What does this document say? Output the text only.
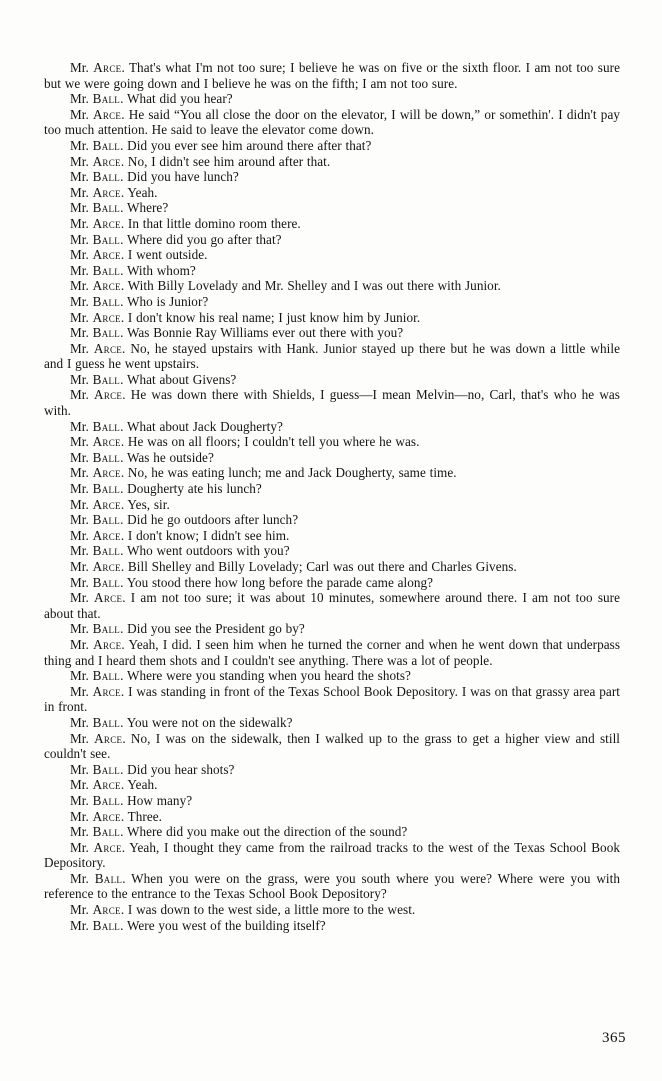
Mr. Arce. That's what I'm not too sure; I believe he was on five or the sixth floor. I am not too sure but we were going down and I believe he was on the fifth; I am not too sure.

Mr. Ball. What did you hear?

Mr. Arce. He said “You all close the door on the elevator, I will be down,” or somethin'. I didn't pay too much attention. He said to leave the elevator come down.

Mr. Ball. Did you ever see him around there after that?

Mr. Arce. No, I didn't see him around after that.

Mr. Ball. Did you have lunch?

Mr. Arce. Yeah.

Mr. Ball. Where?

Mr. Arce. In that little domino room there.

Mr. Ball. Where did you go after that?

Mr. Arce. I went outside.

Mr. Ball. With whom?

Mr. Arce. With Billy Lovelady and Mr. Shelley and I was out there with Junior.

Mr. Ball. Who is Junior?

Mr. Arce. I don't know his real name; I just know him by Junior.

Mr. Ball. Was Bonnie Ray Williams ever out there with you?

Mr. Arce. No, he stayed upstairs with Hank. Junior stayed up there but he was down a little while and I guess he went upstairs.

Mr. Ball. What about Givens?

Mr. Arce. He was down there with Shields, I guess—I mean Melvin—no, Carl, that's who he was with.

Mr. Ball. What about Jack Dougherty?

Mr. Arce. He was on all floors; I couldn't tell you where he was.

Mr. Ball. Was he outside?

Mr. Arce. No, he was eating lunch; me and Jack Dougherty, same time.

Mr. Ball. Dougherty ate his lunch?

Mr. Arce. Yes, sir.

Mr. Ball. Did he go outdoors after lunch?

Mr. Arce. I don't know; I didn't see him.

Mr. Ball. Who went outdoors with you?

Mr. Arce. Bill Shelley and Billy Lovelady; Carl was out there and Charles Givens.

Mr. Ball. You stood there how long before the parade came along?

Mr. Arce. I am not too sure; it was about 10 minutes, somewhere around there. I am not too sure about that.

Mr. Ball. Did you see the President go by?

Mr. Arce. Yeah, I did. I seen him when he turned the corner and when he went down that underpass thing and I heard them shots and I couldn't see anything. There was a lot of people.

Mr. Ball. Where were you standing when you heard the shots?

Mr. Arce. I was standing in front of the Texas School Book Depository. I was on that grassy area part in front.

Mr. Ball. You were not on the sidewalk?

Mr. Arce. No, I was on the sidewalk, then I walked up to the grass to get a higher view and still couldn't see.

Mr. Ball. Did you hear shots?

Mr. Arce. Yeah.

Mr. Ball. How many?

Mr. Arce. Three.

Mr. Ball. Where did you make out the direction of the sound?

Mr. Arce. Yeah, I thought they came from the railroad tracks to the west of the Texas School Book Depository.

Mr. Ball. When you were on the grass, were you south where you were? Where were you with reference to the entrance to the Texas School Book Depository?

Mr. Arce. I was down to the west side, a little more to the west.

Mr. Ball. Were you west of the building itself?

365
